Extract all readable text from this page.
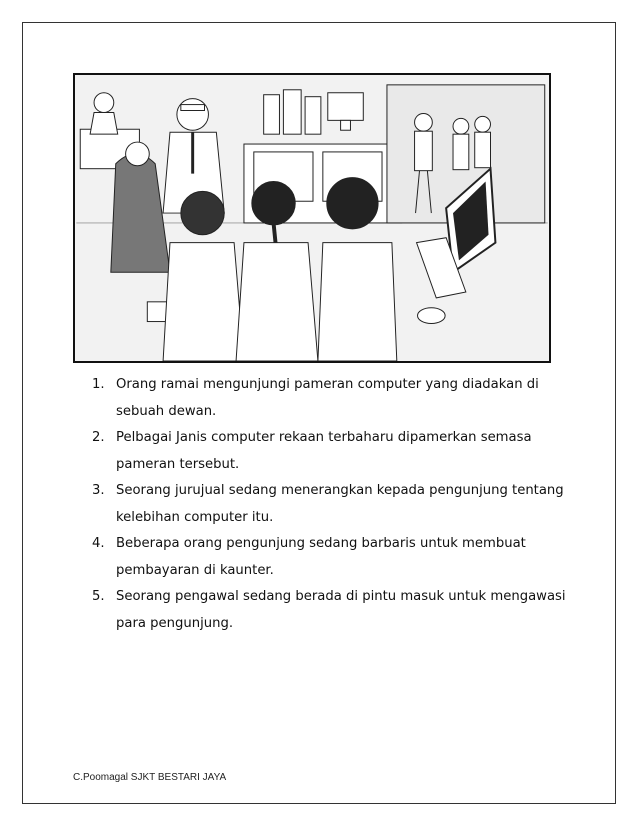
1. Orang ramai mengunjungi pameran computer yang diadakan di sebuah dewan.
2. Pelbagai Janis computer rekaan terbaharu dipamerkan semasa pameran tersebut.
3. Seorang jurujual sedang menerangkan kepada pengunjung tentang kelebihan computer itu.
4. Beberapa orang pengunjung sedang barbaris untuk membuat pembayaran di kaunter.
5. Seorang pengawal sedang berada di pintu masuk untuk mengawasi para pengunjung.
C.Poomagal SJKT BESTARI JAYA
